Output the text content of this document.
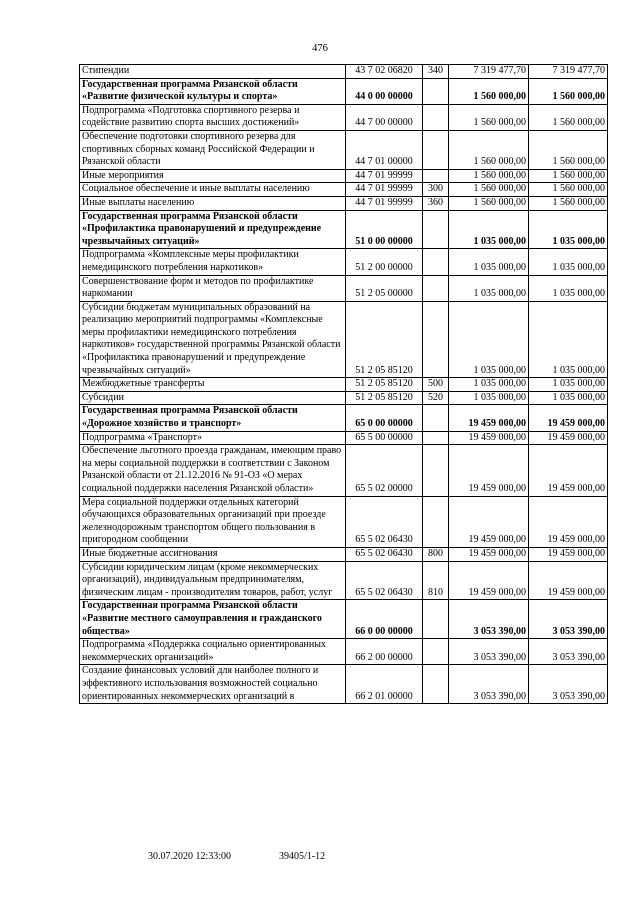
476
Стипендии	43 7 02 06820	340	7 319 477,70	7 319 477,70
Государственная программа Рязанской области «Развитие физической культуры и спорта»	44 0 00 00000		1 560 000,00	1 560 000,00
Подпрограмма «Подготовка спортивного резерва и содействие развитию спорта высших достижений»	44 7 00 00000		1 560 000,00	1 560 000,00
Обеспечение подготовки спортивного резерва для спортивных сборных команд Российской Федерации и Рязанской области	44 7 01 00000		1 560 000,00	1 560 000,00
Иные мероприятия	44 7 01 99999		1 560 000,00	1 560 000,00
Социальное обеспечение и иные выплаты населению	44 7 01 99999	300	1 560 000,00	1 560 000,00
Иные выплаты населению	44 7 01 99999	360	1 560 000,00	1 560 000,00
Государственная программа Рязанской области «Профилактика правонарушений и предупреждение чрезвычайных ситуаций»	51 0 00 00000		1 035 000,00	1 035 000,00
Подпрограмма «Комплексные меры профилактики немедицинского потребления наркотиков»	51 2 00 00000		1 035 000,00	1 035 000,00
Совершенствование форм и методов по профилактике наркомании	51 2 05 00000		1 035 000,00	1 035 000,00
Субсидии бюджетам муниципальных образований на реализацию мероприятий подпрограммы «Комплексные меры профилактики немедицинского потребления наркотиков» государственной программы Рязанской области «Профилактика правонарушений и предупреждение чрезвычайных ситуаций»	51 2 05 85120		1 035 000,00	1 035 000,00
Межбюджетные трансферты	51 2 05 85120	500	1 035 000,00	1 035 000,00
Субсидии	51 2 05 85120	520	1 035 000,00	1 035 000,00
Государственная программа Рязанской области «Дорожное хозяйство и транспорт»	65 0 00 00000		19 459 000,00	19 459 000,00
Подпрограмма «Транспорт»	65 5 00 00000		19 459 000,00	19 459 000,00
Обеспечение льготного проезда гражданам, имеющим право на меры социальной поддержки в соответствии с Законом Рязанской области от 21.12.2016 № 91-ОЗ «О мерах социальной поддержки населения Рязанской области»	65 5 02 00000		19 459 000,00	19 459 000,00
Мера социальной поддержки отдельных категорий обучающихся образовательных организаций при проезде железнодорожным транспортом общего пользования в пригородном сообщении	65 5 02 06430		19 459 000,00	19 459 000,00
Иные бюджетные ассигнования	65 5 02 06430	800	19 459 000,00	19 459 000,00
Субсидии юридическим лицам (кроме некоммерческих организаций), индивидуальным предпринимателям, физическим лицам - производителям товаров, работ, услуг	65 5 02 06430	810	19 459 000,00	19 459 000,00
Государственная программа Рязанской области «Развитие местного самоуправления и гражданского общества»	66 0 00 00000		3 053 390,00	3 053 390,00
Подпрограмма «Поддержка социально ориентированных некоммерческих организаций»	66 2 00 00000		3 053 390,00	3 053 390,00
Создание финансовых условий для наиболее полного и эффективного использования возможностей социально ориентированных некоммерческих организаций в	66 2 01 00000		3 053 390,00	3 053 390,00
30.07.2020 12:33:00	39405/1-12
